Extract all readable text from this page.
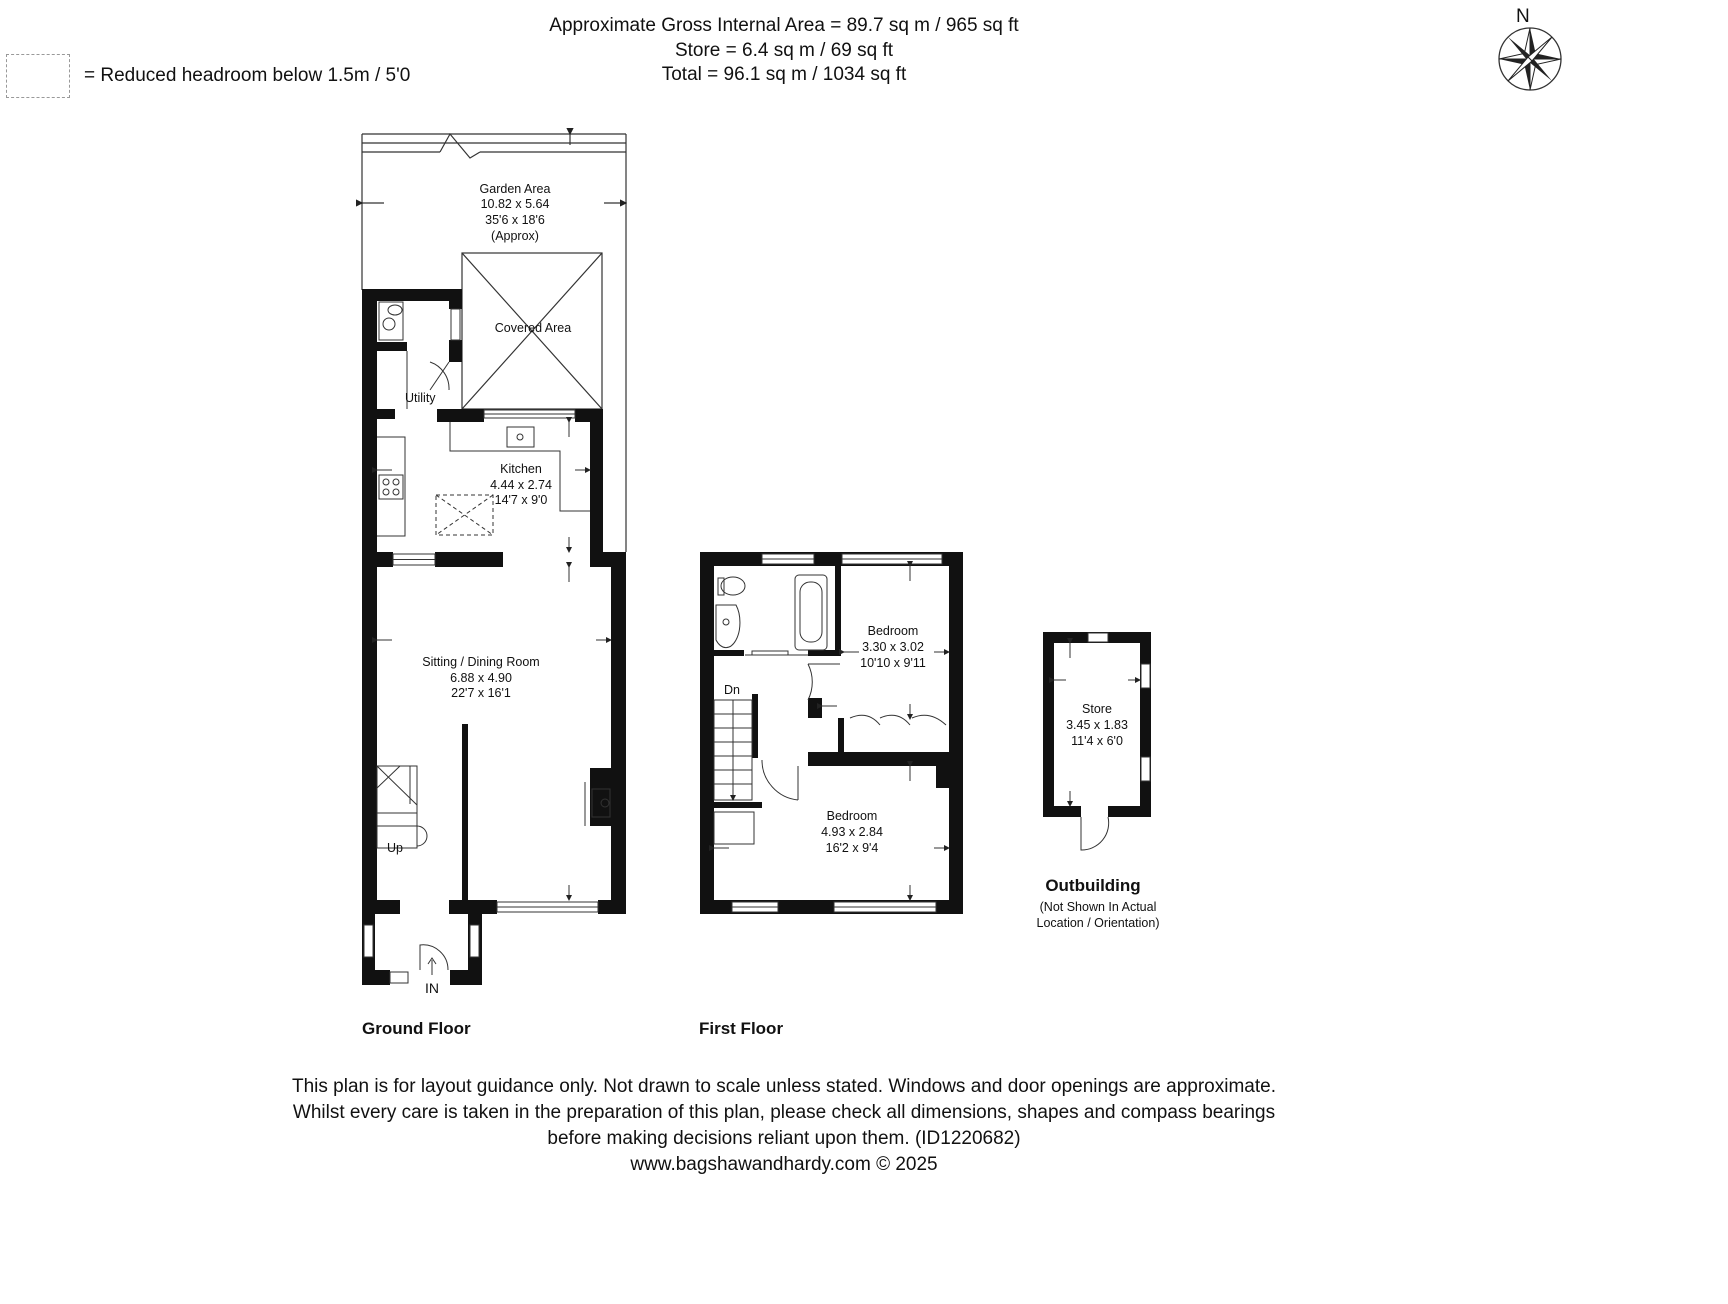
Approximate Gross Internal Area = 89.7 sq m / 965 sq ft
Store = 6.4 sq m / 69 sq ft
Total = 96.1 sq m / 1034 sq ft
= Reduced headroom below 1.5m / 5'0
N
Garden Area
10.82 x 5.64
35'6 x 18'6
(Approx)
Covered Area
Utility
Kitchen
4.44 x 2.74
14'7 x 9'0
Sitting / Dining Room
6.88 x 4.90
22'7 x 16'1
Up
IN
Bedroom
3.30 x 3.02
10'10 x 9'11
Bedroom
4.93 x 2.84
16'2 x 9'4
Dn
Store
3.45 x 1.83
11'4 x 6'0
Ground Floor	First Floor
Outbuilding
(Not Shown In Actual
Location / Orientation)
This plan is for layout guidance only. Not drawn to scale unless stated. Windows and door openings are approximate.
Whilst every care is taken in the preparation of this plan, please check all dimensions, shapes and compass bearings
before making decisions reliant upon them. (ID1220682)
www.bagshawandhardy.com © 2025
